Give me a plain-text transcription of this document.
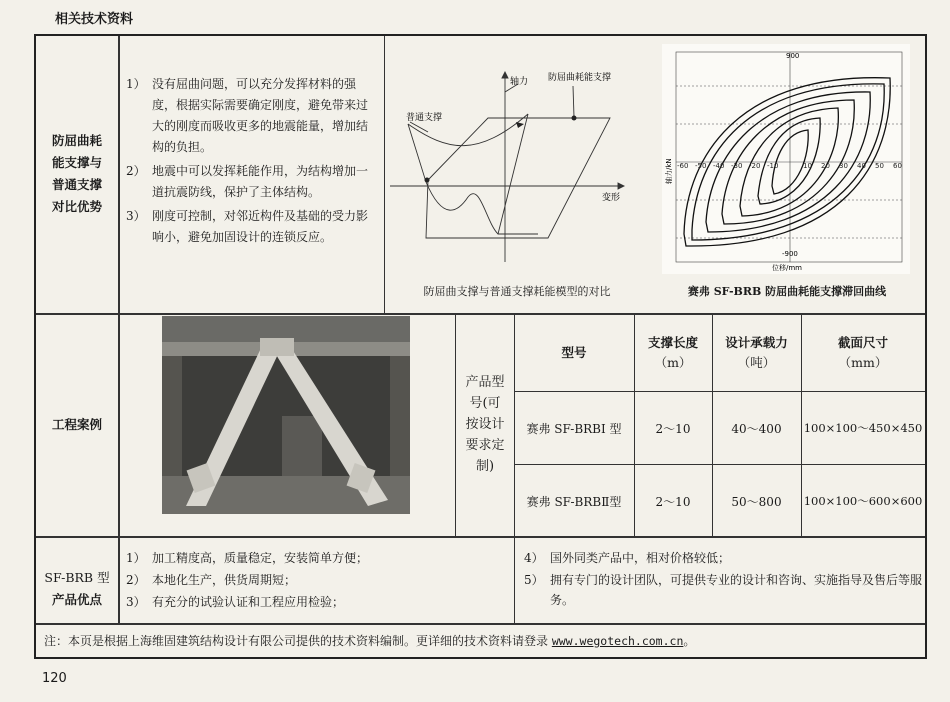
相关技术资料
防屈曲耗
能支撑与
普通支撑
对比优势
1） 没有屈曲问题，可以充分发挥材料的强度，根据实际需要确定刚度，避免带来过大的刚度而吸收更多的地震能量，增加结构的负担。
2） 地震中可以发挥耗能作用，为结构增加一道抗震防线，保护了主体结构。
3） 刚度可控制，对邻近构件及基础的受力影响小，避免加固设计的连锁反应。
轴力
变形
防屈曲耗能支撑
普通支撑
防屈曲支撑与普通支撑耗能模型的对比
-60 -50 -40 -30 -20 -10	10 20 30 40 50 60
900
-900
位移/mm
轴力/kN
赛弗 SF-BRB 防屈曲耗能支撑滞回曲线
工程案例
产品型
号(可
按设计
要求定
制)
型号
支撑长度
（m）
设计承载力
（吨）
截面尺寸
（mm）
赛弗 SF-BRBI 型	2～10	40～400	100×100～450×450
赛弗 SF-BRBⅡ型	2～10	50～800	100×100～600×600
SF-BRB 型
产品优点
1） 加工精度高，质量稳定，安装简单方便；
2） 本地化生产，供货周期短；
3） 有充分的试验认证和工程应用检验；
4） 国外同类产品中，相对价格较低；
5） 拥有专门的设计团队，可提供专业的设计和咨询、实施指导及售后等服务。
注：本页是根据上海维固建筑结构设计有限公司提供的技术资料编制。更详细的技术资料请登录 www.wegotech.com.cn。
120
